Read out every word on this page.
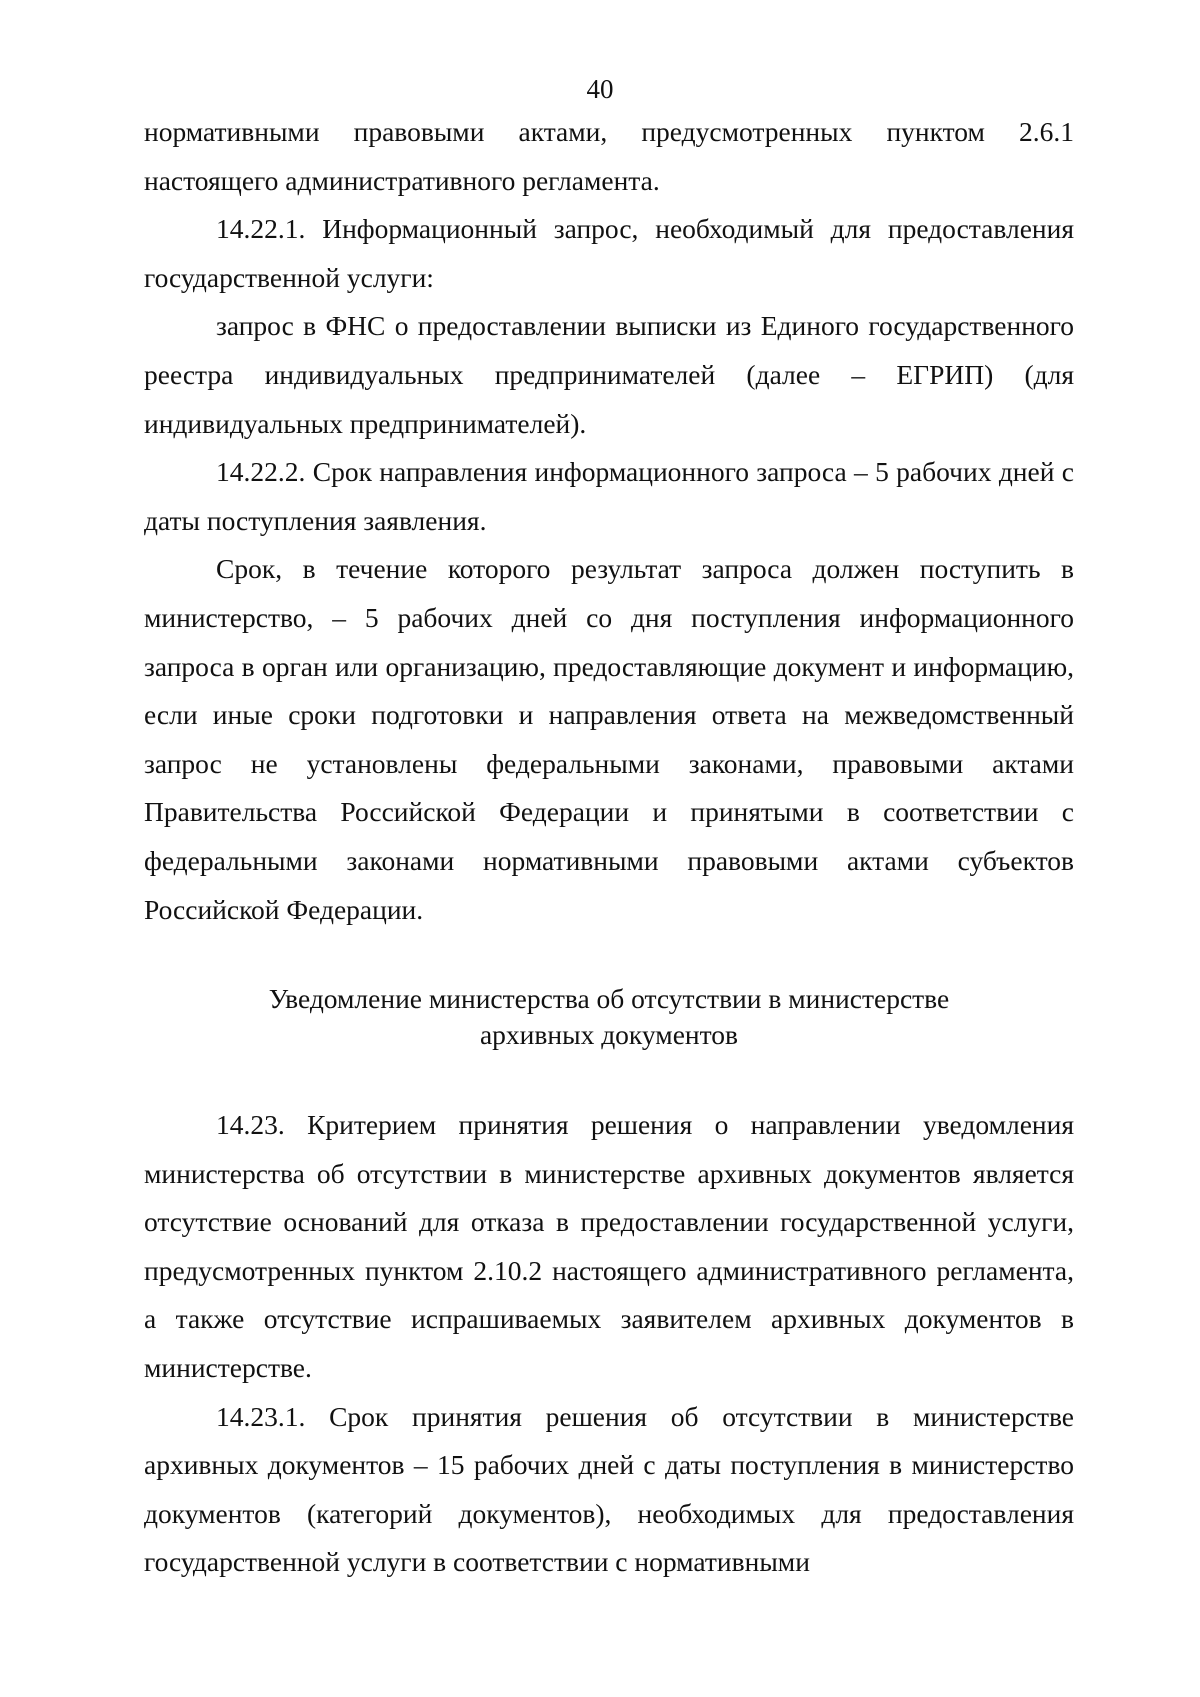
40

нормативными правовыми актами, предусмотренных пунктом 2.6.1 настоящего административного регламента.

14.22.1. Информационный запрос, необходимый для предоставления государственной услуги:

запрос в ФНС о предоставлении выписки из Единого государственного реестра индивидуальных предпринимателей (далее – ЕГРИП) (для индивидуальных предпринимателей).

14.22.2. Срок направления информационного запроса – 5 рабочих дней с даты поступления заявления.

Срок, в течение которого результат запроса должен поступить в министерство, – 5 рабочих дней со дня поступления информационного запроса в орган или организацию, предоставляющие документ и информацию, если иные сроки подготовки и направления ответа на межведомственный запрос не установлены федеральными законами, правовыми актами Правительства Российской Федерации и принятыми в соответствии с федеральными законами нормативными правовыми актами субъектов Российской Федерации.

Уведомление министерства об отсутствии в министерстве
архивных документов

14.23. Критерием принятия решения о направлении уведомления министерства об отсутствии в министерстве архивных документов является отсутствие оснований для отказа в предоставлении государственной услуги, предусмотренных пунктом 2.10.2 настоящего административного регламента, а также отсутствие испрашиваемых заявителем архивных документов в министерстве.

14.23.1. Срок принятия решения об отсутствии в министерстве архивных документов – 15 рабочих дней с даты поступления в министерство документов (категорий документов), необходимых для предоставления государственной услуги в соответствии с нормативными
